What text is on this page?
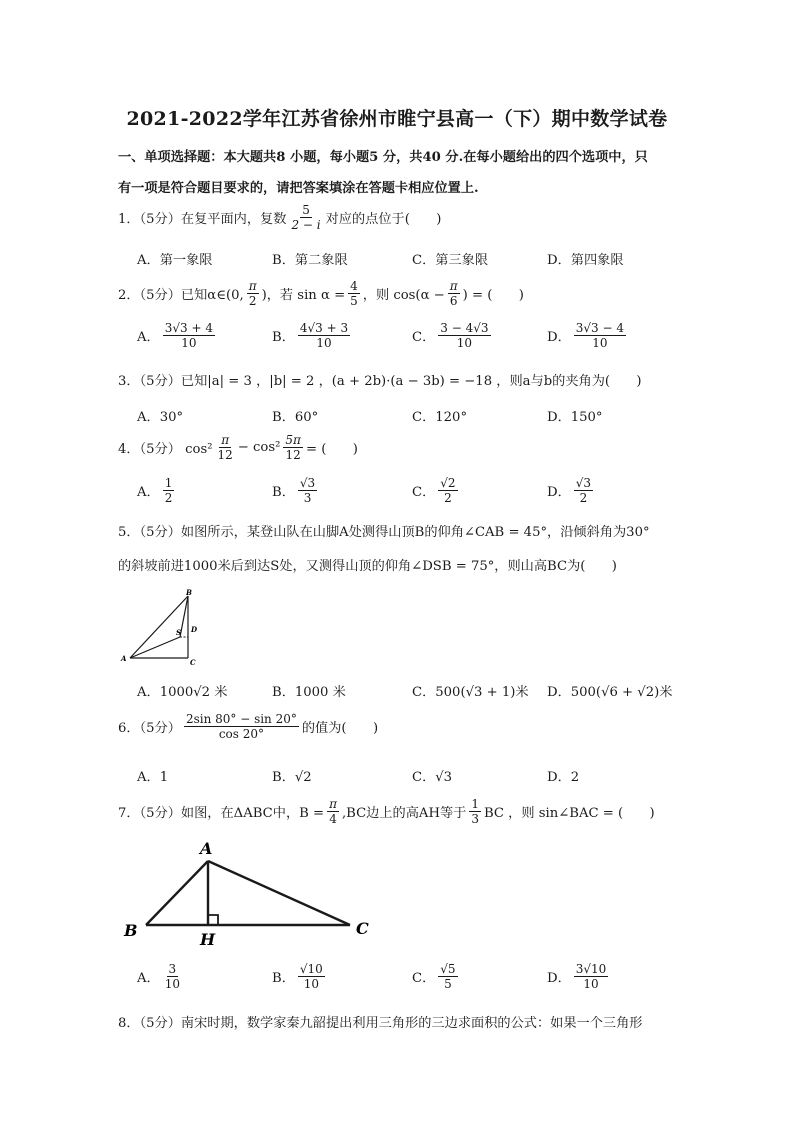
2021-2022学年江苏省徐州市睢宁县高一（下）期中数学试卷
一、单项选择题：本大题共8 小题，每小题5 分，共40 分.在每小题给出的四个选项中，只
有一项是符合题目要求的，请把答案填涂在答题卡相应位置上.
1．（5分）在复平面内，复数 $\frac{5}{2 - i}$ 对应的点位于(　　)
A．第一象限	B．第二象限	C．第三象限	D．第四象限
2．（5分）已知α∈(0, $\frac{\pi}{2}$ )，若 $\sin \alpha = \frac{4}{5}$ ，则 $\cos(\alpha - \frac{\pi}{6}$ ) = (　　)
A． $\frac{3√3 + 4}{10}$	B． $\frac{4√3 + 3}{10}$	C． $\frac{3 - 4√3}{10}$	D． $\frac{3√3 - 4}{10}$
3．（5分）已知|a| = 3 ，|b| = 2 ，(a + 2b)·(a − 3b) = −18 ，则a与b的夹角为(　　)
A．30°	B．60°	C．120°	D．150°
4．（5分） $\cos^2 \frac{\pi}{12} - \cos^2 \frac{5\pi}{12}$ = (　　)
A． $\frac{1}{2}$	B． $\frac{√3}{3}$	C． $\frac{√2}{2}$	D． $\frac{√3}{2}$
5．（5分）如图所示，某登山队在山脚A处测得山顶B的仰角∠CAB = 45°，沿倾斜角为30°
的斜坡前进1000米后到达S处，又测得山顶的仰角∠DSB = 75°，则山高BC为(　　)
B
S D
A	C
A．1000√2 米	B．1000 米	C．500(√3 + 1)米 D．500(√6 + √2)米
6．（5分） $\frac{2\sin 80^\circ - \sin 20^\circ}{\cos 20^\circ}$ 的值为(　　)
A．1	B．√2	C．√3	D．2
7．（5分）如图，在ΔABC中，$B = \frac{\pi}{4} ,BC$边上的高AH等于 $\frac{1}{3}$ BC ，则 sin∠BAC = (　　)
A
B	H
C
A． $\frac{3}{10}$	B． $\frac{√10}{10}$	C． $\frac{√5}{5}$	D． $\frac{3√10}{10}$
8．（5分）南宋时期，数学家秦九韶提出利用三角形的三边求面积的公式：如果一个三角形
